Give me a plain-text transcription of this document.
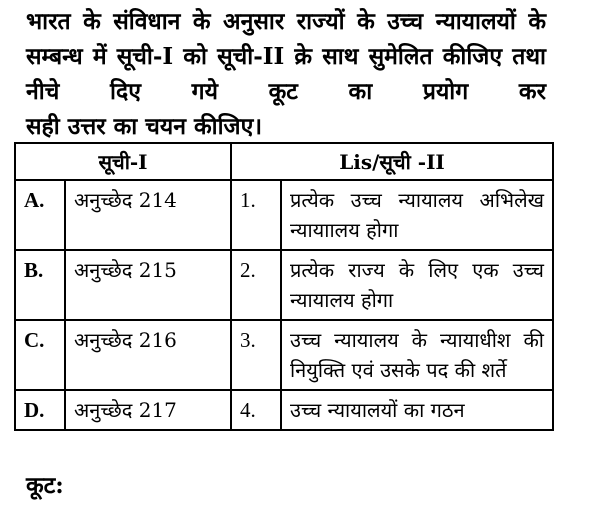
भारत के संविधान के अनुसार राज्यों के उच्च न्यायालयों के सम्बन्ध में सूची-I को सूची-II क्रे साथ सुमेलित कीजिए तथा नीचे दिए गये कूट का प्रयोग कर
सही उत्तर का चयन कीजिए।
सूची-I		Lis/सूची -II	
A.	अनुच्छेद 214	1.	प्रत्येक उच्च न्यायालय अभिलेख न्यायाालय होगा
B.	अनुच्छेद 215	2.	प्रत्येक राज्य के लिए एक उच्च न्यायालय होगा
C.	अनुच्छेद 216	3.	उच्च न्यायालय के न्यायाधीश की नियुक्ति एवं उसके पद की शर्ते
D.	अनुच्छेद 217	4.	उच्च न्यायालयों का गठन
कूट:
